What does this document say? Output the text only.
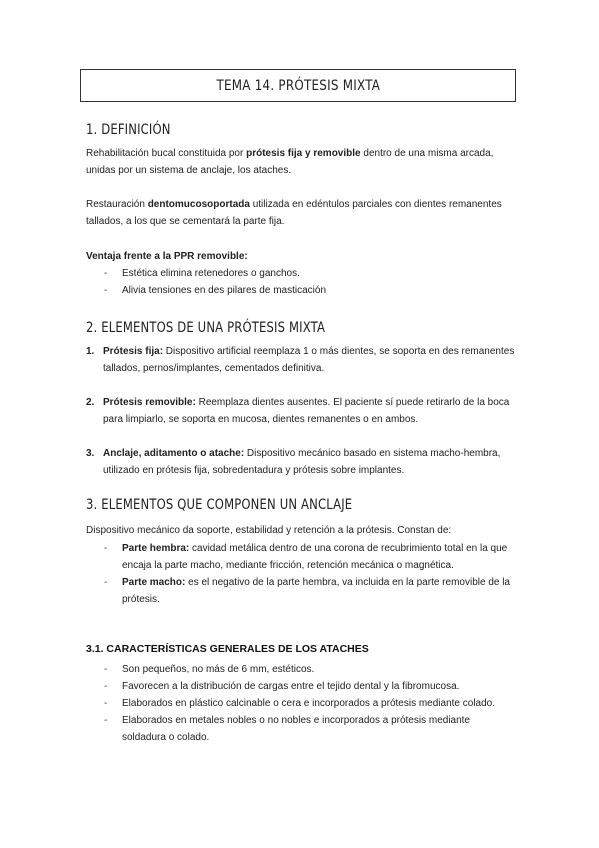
TEMA 14. PRÓTESIS MIXTA
1. DEFINICIÓN

Rehabilitación bucal constituida por prótesis fija y removible dentro de una misma arcada, unidas por un sistema de anclaje, los ataches.

Restauración dentomucosoportada utilizada en edéntulos parciales con dientes remanentes tallados, a los que se cementará la parte fija.

Ventaja frente a la PPR removible:

- Estética elimina retenedores o ganchos.
- Alivia tensiones en des pilares de masticación
2. ELEMENTOS DE UNA PRÓTESIS MIXTA
1. Prótesis fija: Dispositivo artificial reemplaza 1 o más dientes, se soporta en des remanentes tallados, pernos/implantes, cementados definitiva.
2. Prótesis removible: Reemplaza dientes ausentes. El paciente sí puede retirarlo de la boca para limpiarlo, se soporta en mucosa, dientes remanentes o en ambos.
3. Anclaje, aditamento o atache: Dispositivo mecánico basado en sistema macho-hembra, utilizado en prótesis fija, sobredentadura y prótesis sobre implantes.
3. ELEMENTOS QUE COMPONEN UN ANCLAJE

Dispositivo mecánico da soporte, estabilidad y retención a la prótesis. Constan de:

- Parte hembra: cavidad metálica dentro de una corona de recubrimiento total en la que encaja la parte macho, mediante fricción, retención mecánica o magnética.
- Parte macho: es el negativo de la parte hembra, va incluida en la parte removible de la prótesis.

3.1. CARACTERÍSTICAS GENERALES DE LOS ATACHES

- Son pequeños, no más de 6 mm, estéticos.
- Favorecen a la distribución de cargas entre el tejido dental y la fibromucosa.
- Elaborados en plástico calcinable o cera e incorporados a prótesis mediante colado.
- Elaborados en metales nobles o no nobles e incorporados a prótesis mediante soldadura o colado.
